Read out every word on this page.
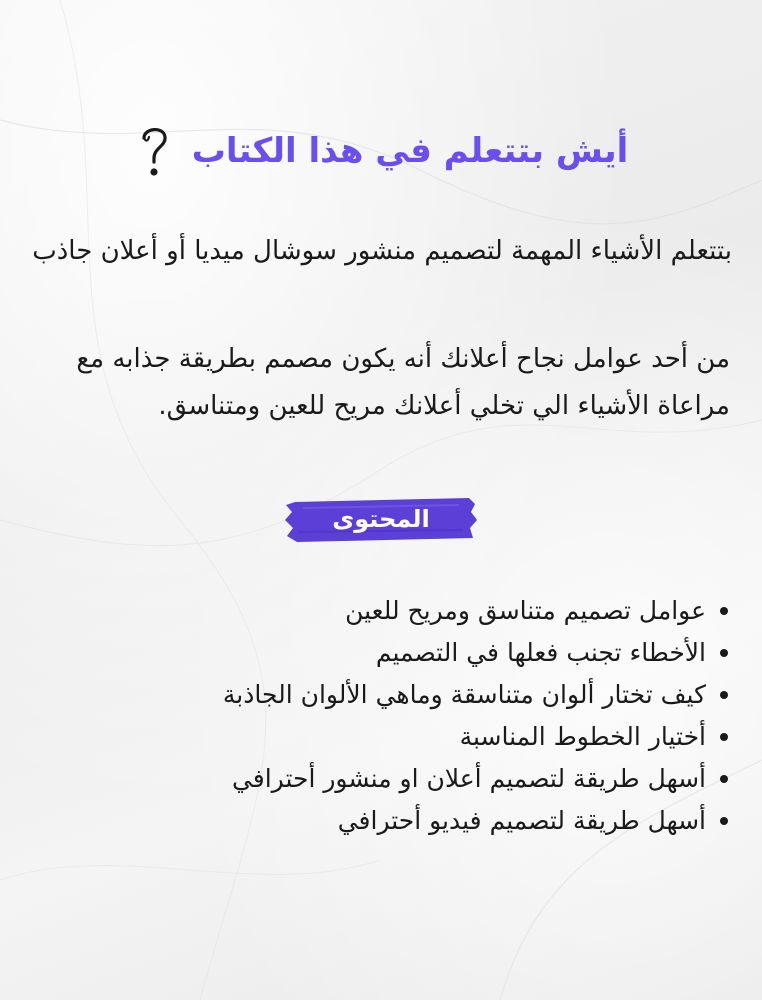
أيش بتتعلم في هذا الكتاب

بتتعلم الأشياء المهمة لتصميم منشور سوشال ميديا أو أعلان جاذب

من أحد عوامل نجاح أعلانك أنه يكون مصمم بطريقة جذابه مع مراعاة الأشياء الي تخلي أعلانك مريح للعين ومتناسق.

المحتوى
عوامل تصميم متناسق ومريح للعين
الأخطاء تجنب فعلها في التصميم
كيف تختار ألوان متناسقة وماهي الألوان الجاذبة
أختيار الخطوط المناسبة
أسهل طريقة لتصميم أعلان او منشور أحترافي
أسهل طريقة لتصميم فيديو أحترافي
